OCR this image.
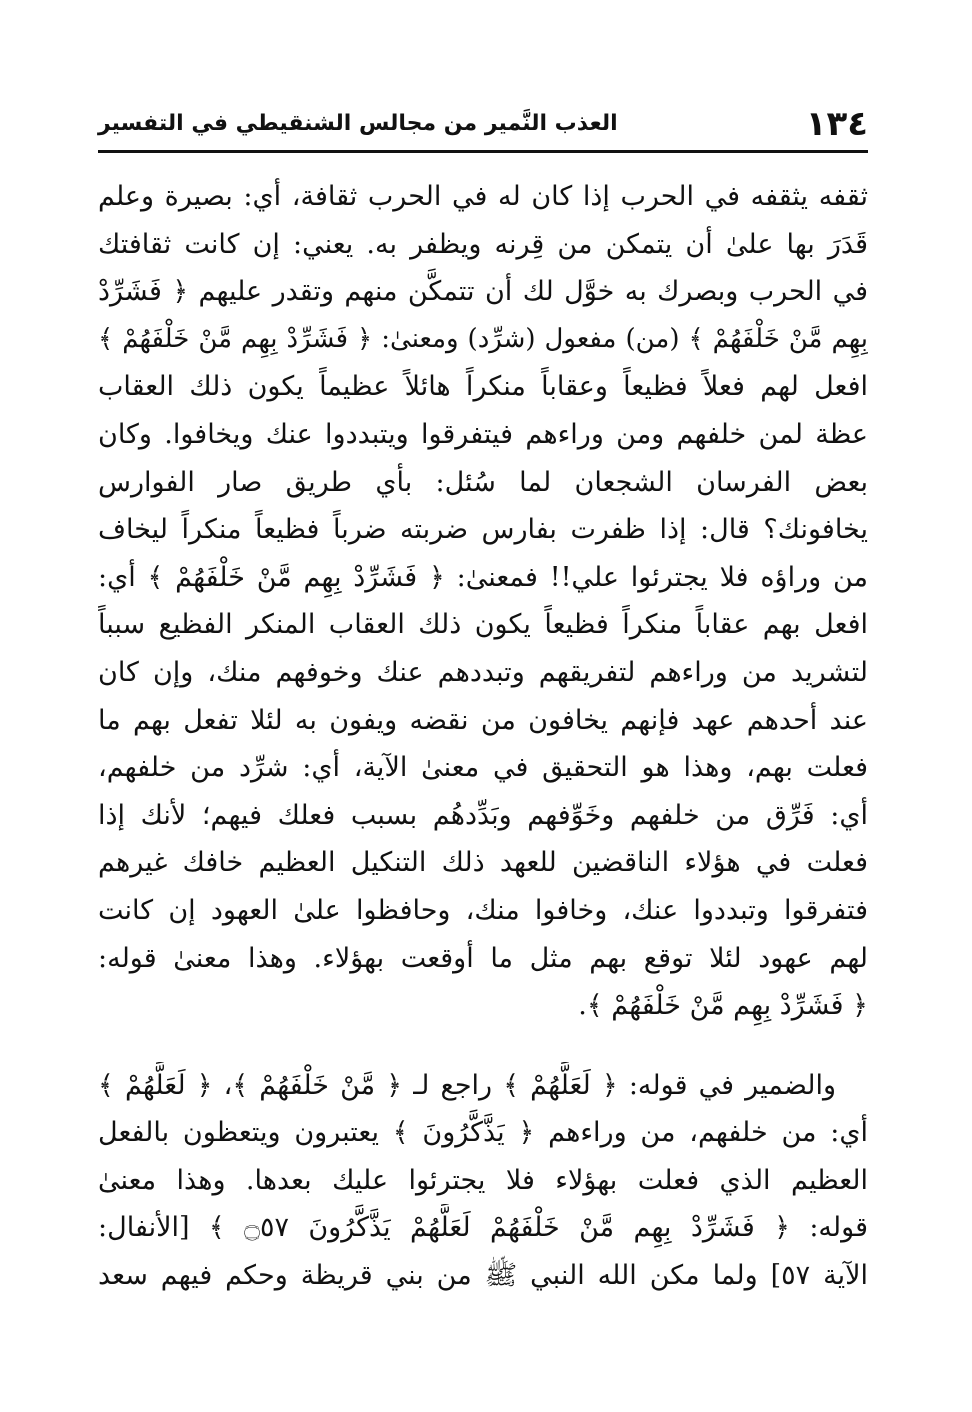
١٣٤
العذب النَّمير من مجالس الشنقيطي في التفسير

ثقفه يثقفه في الحرب إذا كان له في الحرب ثقافة، أي: بصيرة وعلم
قَدَرَ بها علىٰ أن يتمكن من قِرنه ويظفر به. يعني: إن كانت ثقافتك
في الحرب وبصرك به خوَّل لك أن تتمكَّن منهم وتقدر عليهم ﴿ فَشَرِّدْ
بِهِم مَّنْ خَلْفَهُمْ ﴾ (من) مفعول (شرِّد) ومعنىٰ: ﴿ فَشَرِّدْ بِهِم مَّنْ خَلْفَهُمْ ﴾
افعل لهم فعلاً فظيعاً وعقاباً منكراً هائلاً عظيماً يكون ذلك العقاب
عظة لمن خلفهم ومن وراءهم فيتفرقوا ويتبددوا عنك ويخافوا. وكان
بعض الفرسان الشجعان لما سُئل: بأي طريق صار الفوارس
يخافونك؟ قال: إذا ظفرت بفارس ضربته ضرباً فظيعاً منكراً ليخاف
من وراؤه فلا يجترئوا علي!! فمعنىٰ: ﴿ فَشَرِّدْ بِهِم مَّنْ خَلْفَهُمْ ﴾ أي:
افعل بهم عقاباً منكراً فظيعاً يكون ذلك العقاب المنكر الفظيع سبباً
لتشريد من وراءهم لتفريقهم وتبددهم عنك وخوفهم منك، وإن كان
عند أحدهم عهد فإنهم يخافون من نقضه ويفون به لئلا تفعل بهم ما
فعلت بهم، وهذا هو التحقيق في معنىٰ الآية، أي: شرِّد من خلفهم،
أي: فَرِّق من خلفهم وخَوِّفهم وبَدِّدهُم بسبب فعلك فيهم؛ لأنك إذا
فعلت في هؤلاء الناقضين للعهد ذلك التنكيل العظيم خافك غيرهم
فتفرقوا وتبددوا عنك، وخافوا منك، وحافظوا علىٰ العهود إن كانت
لهم عهود لئلا توقع بهم مثل ما أوقعت بهؤلاء. وهذا معنىٰ قوله:
﴿ فَشَرِّدْ بِهِم مَّنْ خَلْفَهُمْ ﴾.

والضمير في قوله: ﴿ لَعَلَّهُمْ ﴾ راجع لـ ﴿ مَّنْ خَلْفَهُمْ ﴾، ﴿ لَعَلَّهُمْ ﴾
أي: من خلفهم، من وراءهم ﴿ يَذَّكَّرُونَ ﴾ يعتبرون ويتعظون بالفعل
العظيم الذي فعلت بهؤلاء فلا يجترئوا عليك بعدها. وهذا معنىٰ
قوله: ﴿ فَشَرِّدْ بِهِم مَّنْ خَلْفَهُمْ لَعَلَّهُمْ يَذَّكَّرُونَ ۝٥٧ ﴾ [الأنفال:
الآية ٥٧] ولما مكن الله النبي ﷺ من بني قريظة وحكم فيهم سعد
